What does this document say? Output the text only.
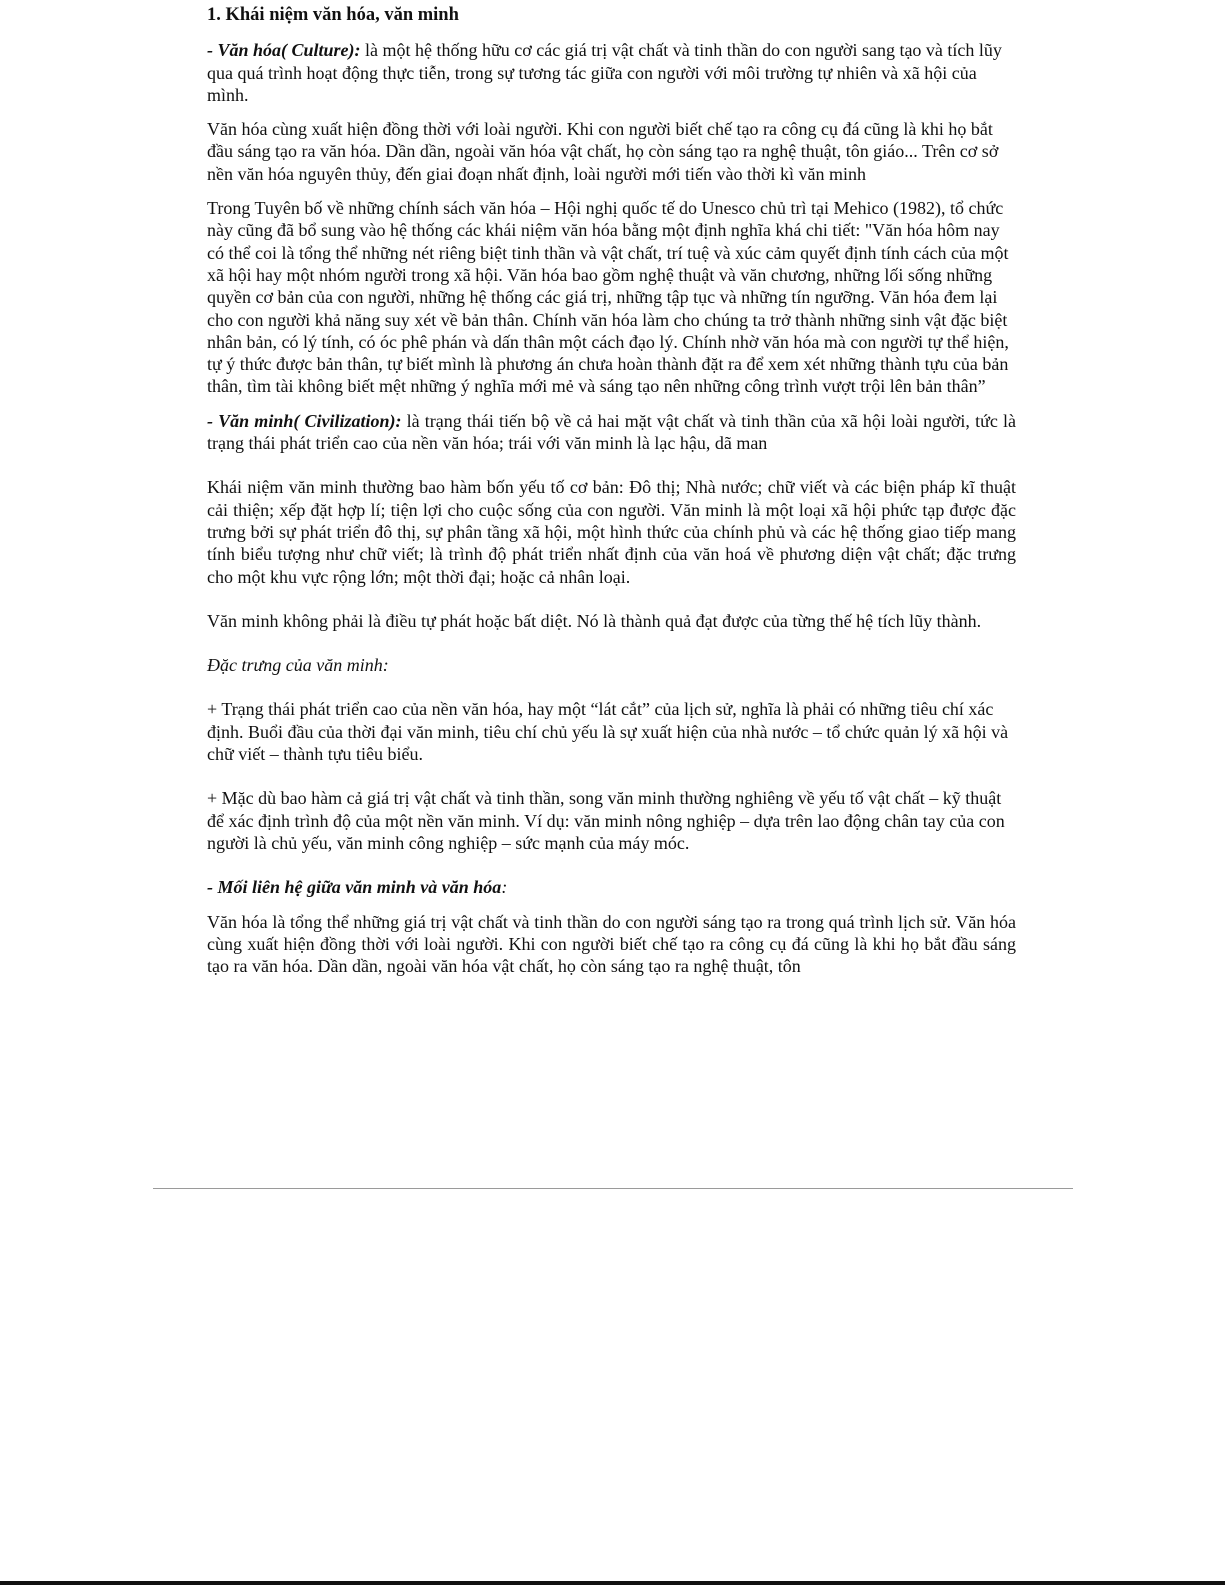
1. Khái niệm văn hóa, văn minh

- Văn hóa( Culture): là một hệ thống hữu cơ các giá trị vật chất và tinh thần do con người sang tạo và tích lũy qua quá trình hoạt động thực tiễn, trong sự tương tác giữa con người với môi trường tự nhiên và xã hội của mình.

Văn hóa cùng xuất hiện đồng thời với loài người. Khi con người biết chế tạo ra công cụ đá cũng là khi họ bắt đầu sáng tạo ra văn hóa. Dần dần, ngoài văn hóa vật chất, họ còn sáng tạo ra nghệ thuật, tôn giáo... Trên cơ sở nền văn hóa nguyên thủy, đến giai đoạn nhất định, loài người mới tiến vào thời kì văn minh

Trong Tuyên bố về những chính sách văn hóa – Hội nghị quốc tế do Unesco chủ trì tại Mehico (1982), tổ chức này cũng đã bổ sung vào hệ thống các khái niệm văn hóa bằng một định nghĩa khá chi tiết: "Văn hóa hôm nay có thể coi là tổng thể những nét riêng biệt tinh thần và vật chất, trí tuệ và xúc cảm quyết định tính cách của một xã hội hay một nhóm người trong xã hội. Văn hóa bao gồm nghệ thuật và văn chương, những lối sống những quyền cơ bản của con người, những hệ thống các giá trị, những tập tục và những tín ngưỡng. Văn hóa đem lại cho con người khả năng suy xét về bản thân. Chính văn hóa làm cho chúng ta trở thành những sinh vật đặc biệt nhân bản, có lý tính, có óc phê phán và dấn thân một cách đạo lý. Chính nhờ văn hóa mà con người tự thể hiện, tự ý thức được bản thân, tự biết mình là phương án chưa hoàn thành đặt ra để xem xét những thành tựu của bản thân, tìm tài không biết mệt những ý nghĩa mới mẻ và sáng tạo nên những công trình vượt trội lên bản thân”

- Văn minh( Civilization): là trạng thái tiến bộ về cả hai mặt vật chất và tinh thần của xã hội loài người, tức là trạng thái phát triển cao của nền văn hóa; trái với văn minh là lạc hậu, dã man

Khái niệm văn minh thường bao hàm bốn yếu tố cơ bản: Đô thị; Nhà nước; chữ viết và các biện pháp kĩ thuật cải thiện; xếp đặt hợp lí; tiện lợi cho cuộc sống của con người. Văn minh là một loại xã hội phức tạp được đặc trưng bởi sự phát triển đô thị, sự phân tầng xã hội, một hình thức của chính phủ và các hệ thống giao tiếp mang tính biểu tượng như chữ viết; là trình độ phát triển nhất định của văn hoá về phương diện vật chất; đặc trưng cho một khu vực rộng lớn; một thời đại; hoặc cả nhân loại.

Văn minh không phải là điều tự phát hoặc bất diệt. Nó là thành quả đạt được của từng thế hệ tích lũy thành.

Đặc trưng của văn minh:

+ Trạng thái phát triển cao của nền văn hóa, hay một “lát cắt” của lịch sử, nghĩa là phải có những tiêu chí xác định. Buổi đầu của thời đại văn minh, tiêu chí chủ yếu là sự xuất hiện của nhà nước – tổ chức quản lý xã hội và chữ viết – thành tựu tiêu biểu.

+ Mặc dù bao hàm cả giá trị vật chất và tinh thần, song văn minh thường nghiêng về yếu tố vật chất – kỹ thuật để xác định trình độ của một nền văn minh. Ví dụ: văn minh nông nghiệp – dựa trên lao động chân tay của con người là chủ yếu, văn minh công nghiệp – sức mạnh của máy móc.

- Mối liên hệ giữa văn minh và văn hóa:

Văn hóa là tổng thể những giá trị vật chất và tinh thần do con người sáng tạo ra trong quá trình lịch sử. Văn hóa cùng xuất hiện đồng thời với loài người. Khi con người biết chế tạo ra công cụ đá cũng là khi họ bắt đầu sáng tạo ra văn hóa. Dần dần, ngoài văn hóa vật chất, họ còn sáng tạo ra nghệ thuật, tôn
